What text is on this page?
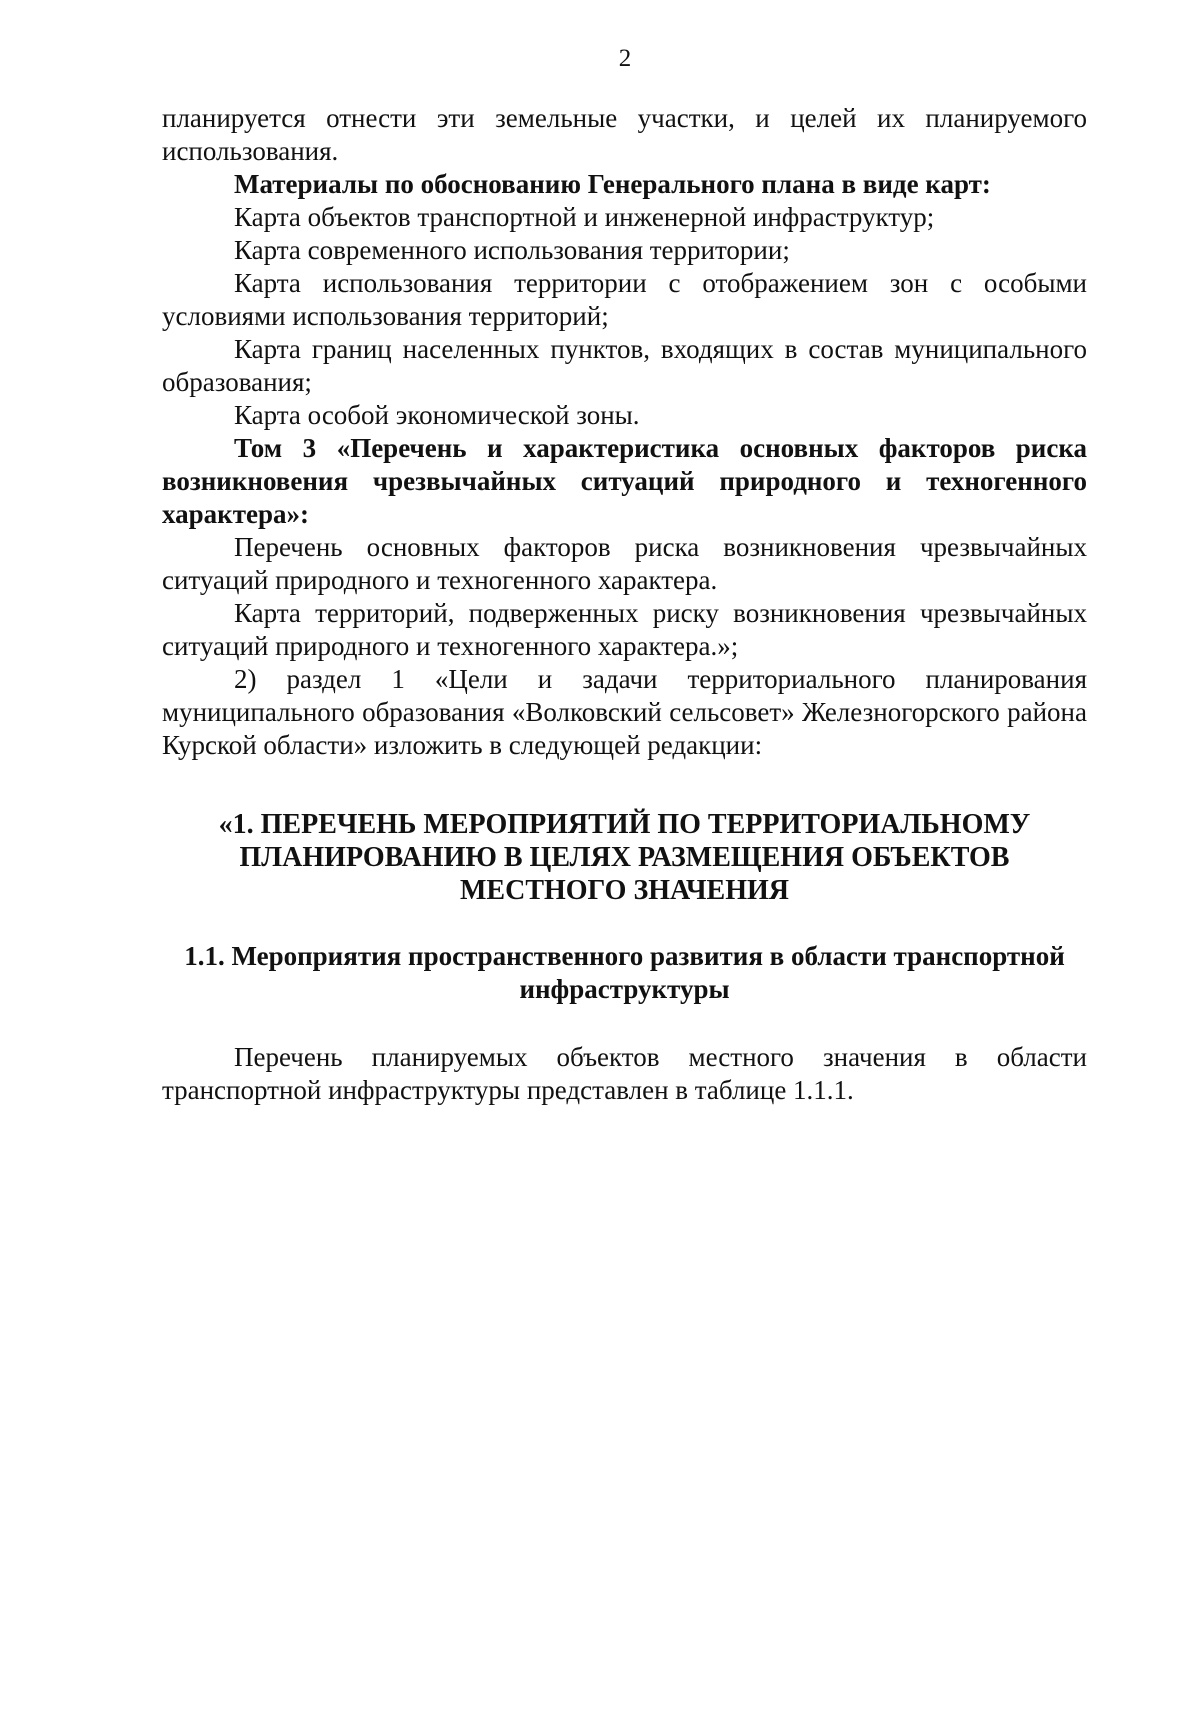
2

планируется отнести эти земельные участки, и целей их планируемого использования.

Материалы по обоснованию Генерального плана в виде карт:

Карта объектов транспортной и инженерной инфраструктур;

Карта современного использования территории;

Карта использования территории с отображением зон с особыми условиями использования территорий;

Карта границ населенных пунктов, входящих в состав муниципального образования;

Карта особой экономической зоны.

Том 3 «Перечень и характеристика основных факторов риска возникновения чрезвычайных ситуаций природного и техногенного характера»:

Перечень основных факторов риска возникновения чрезвычайных ситуаций природного и техногенного характера.

Карта территорий, подверженных риску возникновения чрезвычайных ситуаций природного и техногенного характера.»;

2) раздел 1 «Цели и задачи территориального планирования муниципального образования «Волковский сельсовет» Железногорского района Курской области» изложить в следующей редакции:

«1. ПЕРЕЧЕНЬ МЕРОПРИЯТИЙ ПО ТЕРРИТОРИАЛЬНОМУ ПЛАНИРОВАНИЮ В ЦЕЛЯХ РАЗМЕЩЕНИЯ ОБЪЕКТОВ МЕСТНОГО ЗНАЧЕНИЯ

1.1. Мероприятия пространственного развития в области транспортной инфраструктуры

Перечень планируемых объектов местного значения в области транспортной инфраструктуры представлен в таблице 1.1.1.
